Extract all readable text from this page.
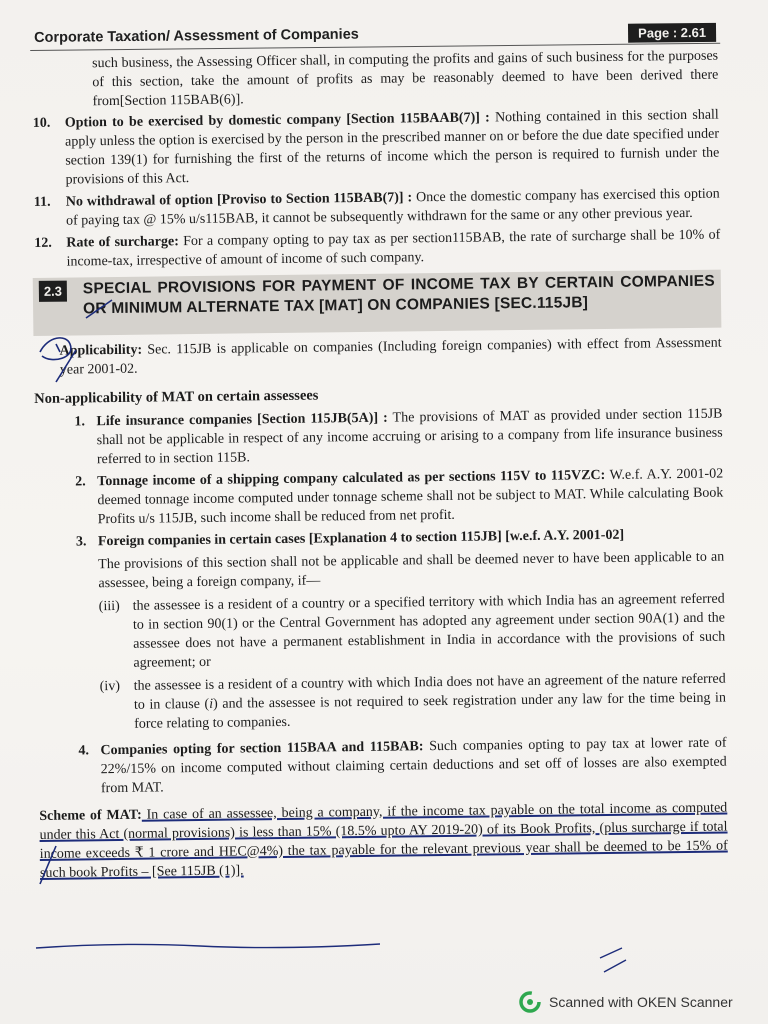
Corporate Taxation/ Assessment of Companies	Page : 2.61

such business, the Assessing Officer shall, in computing the profits and gains of such business for the purposes of this section, take the amount of profits as may be reasonably deemed to have been derived there from[Section 115BAB(6)].

10.	Option to be exercised by domestic company [Section 115BAAB(7)] : Nothing contained in this section shall apply unless the option is exercised by the person in the prescribed manner on or before the due date specified under section 139(1) for furnishing the first of the returns of income which the person is required to furnish under the provisions of this Act.
11.	No withdrawal of option [Proviso to Section 115BAB(7)] : Once the domestic company has exercised this option of paying tax @ 15% u/s115BAB, it cannot be subsequently withdrawn for the same or any other previous year.
12.	Rate of surcharge: For a company opting to pay tax as per section115BAB, the rate of surcharge shall be 10% of income-tax, irrespective of amount of income of such company.
2.3	SPECIAL PROVISIONS FOR PAYMENT OF INCOME TAX BY CERTAIN COMPANIES OR MINIMUM ALTERNATE TAX [MAT] ON COMPANIES [SEC.115JB]

Applicability: Sec. 115JB is applicable on companies (Including foreign companies) with effect from Assessment year 2001-02.

Non-applicability of MAT on certain assessees
1. Life insurance companies [Section 115JB(5A)] : The provisions of MAT as provided under section 115JB shall not be applicable in respect of any income accruing or arising to a company from life insurance business referred to in section 115B.
2. Tonnage income of a shipping company calculated as per sections 115V to 115VZC: W.e.f. A.Y. 2001-02 deemed tonnage income computed under tonnage scheme shall not be subject to MAT. While calculating Book Profits u/s 115JB, such income shall be reduced from net profit.
3. Foreign companies in certain cases [Explanation 4 to section 115JB] [w.e.f. A.Y. 2001-02]
The provisions of this section shall not be applicable and shall be deemed never to have been applicable to an assessee, being a foreign company, if—
(iii) the assessee is a resident of a country or a specified territory with which India has an agreement referred to in section 90(1) or the Central Government has adopted any agreement under section 90A(1) and the assessee does not have a permanent establishment in India in accordance with the provisions of such agreement; or
(iv) the assessee is a resident of a country with which India does not have an agreement of the nature referred to in clause (i) and the assessee is not required to seek registration under any law for the time being in force relating to companies.
4. Companies opting for section 115BAA and 115BAB: Such companies opting to pay tax at lower rate of 22%/15% on income computed without claiming certain deductions and set off of losses are also exempted from MAT.

Scheme of MAT: In case of an assessee, being a company, if the income tax payable on the total income as computed under this Act (normal provisions) is less than 15% (18.5% upto AY 2019-20) of its Book Profits, (plus surcharge if total income exceeds ₹ 1 crore and HEC@4%) the tax payable for the relevant previous year shall be deemed to be 15% of such book Profits – [See 115JB (1)].

Scanned with OKEN Scanner
